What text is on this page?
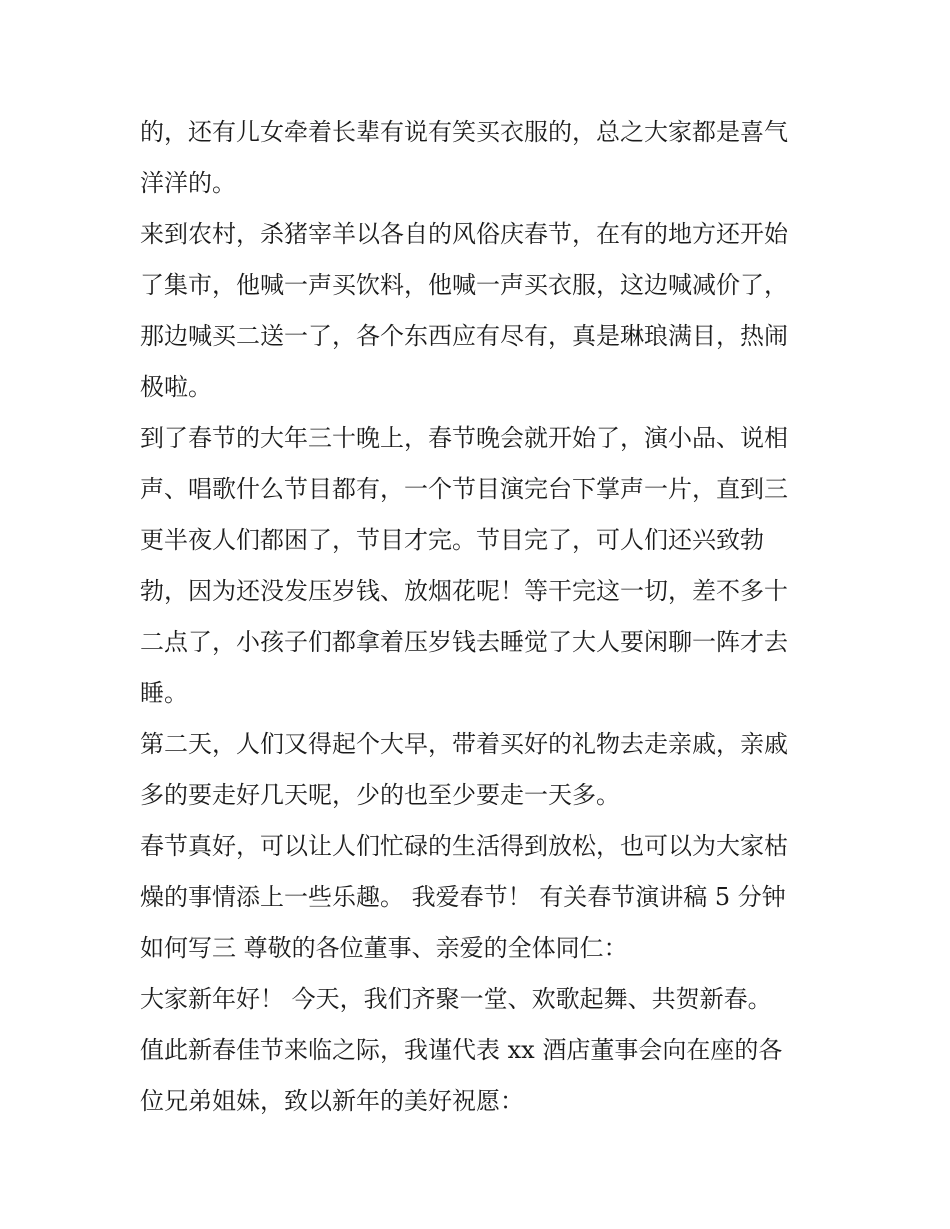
的，还有儿女牵着长辈有说有笑买衣服的，总之大家都是喜气
洋洋的。
来到农村，杀猪宰羊以各自的风俗庆春节，在有的地方还开始
了集市，他喊一声买饮料，他喊一声买衣服，这边喊减价了，
那边喊买二送一了，各个东西应有尽有，真是琳琅满目，热闹
极啦。
到了春节的大年三十晚上，春节晚会就开始了，演小品、说相
声、唱歌什么节目都有，一个节目演完台下掌声一片，直到三
更半夜人们都困了，节目才完。节目完了，可人们还兴致勃
勃，因为还没发压岁钱、放烟花呢！等干完这一切，差不多十
二点了，小孩子们都拿着压岁钱去睡觉了大人要闲聊一阵才去
睡。
第二天，人们又得起个大早，带着买好的礼物去走亲戚，亲戚
多的要走好几天呢，少的也至少要走一天多。
春节真好，可以让人们忙碌的生活得到放松，也可以为大家枯
燥的事情添上一些乐趣。 我爱春节！ 有关春节演讲稿 5 分钟
如何写三 尊敬的各位董事、亲爱的全体同仁：
大家新年好！ 今天，我们齐聚一堂、欢歌起舞、共贺新春。
值此新春佳节来临之际，我谨代表 xx 酒店董事会向在座的各
位兄弟姐妹，致以新年的美好祝愿：
